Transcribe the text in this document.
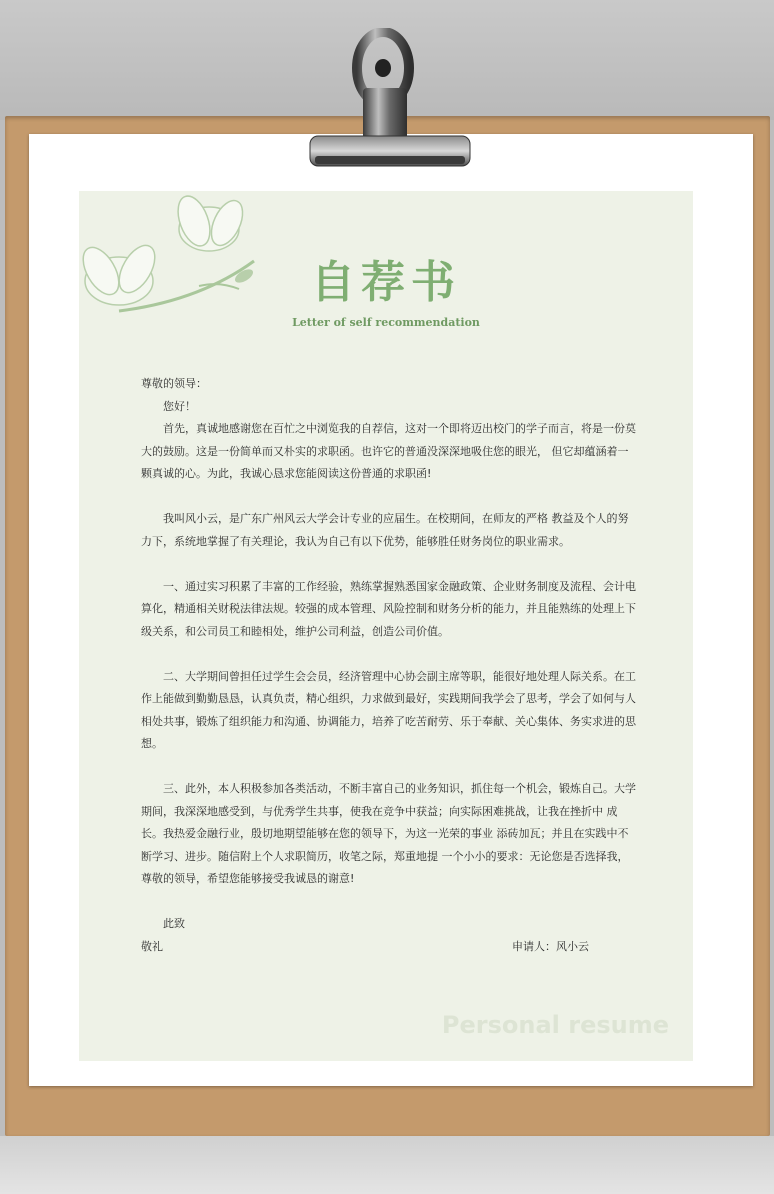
自荐书
Letter of self recommendation

尊敬的领导：

您好！

首先，真诚地感谢您在百忙之中浏览我的自荐信，这对一个即将迈出校门的学子而言，将是一份莫大的鼓励。这是一份简单而又朴实的求职函。也许它的普通没深深地吸住您的眼光， 但它却蕴涵着一颗真诚的心。为此，我诚心恳求您能阅读这份普通的求职函!

我叫风小云，是广东广州风云大学会计专业的应届生。在校期间，在师友的严格 教益及个人的努力下，系统地掌握了有关理论，我认为自己有以下优势，能够胜任财务岗位的职业需求。

一、通过实习积累了丰富的工作经验，熟练掌握熟悉国家金融政策、企业财务制度及流程、会计电算化，精通相关财税法律法规。较强的成本管理、风险控制和财务分析的能力，并且能熟练的处理上下级关系，和公司员工和睦相处，维护公司利益，创造公司价值。

二、大学期间曾担任过学生会会员，经济管理中心协会副主席等职，能很好地处理人际关系。在工作上能做到勤勤恳恳，认真负责，精心组织，力求做到最好，实践期间我学会了思考，学会了如何与人相处共事，锻炼了组织能力和沟通、协调能力，培养了吃苦耐劳、乐于奉献、关心集体、务实求进的思想。

三、此外，本人积极参加各类活动，不断丰富自己的业务知识，抓住每一个机会，锻炼自己。大学期间，我深深地感受到，与优秀学生共事，使我在竞争中获益；向实际困难挑战，让我在挫折中 成长。我热爱金融行业，殷切地期望能够在您的领导下，为这一光荣的事业 添砖加瓦；并且在实践中不断学习、进步。随信附上个人求职简历，收笔之际，郑重地提 一个小小的要求：无论您是否选择我，尊敬的领导，希望您能够接受我诚恳的谢意!

此致

敬礼	申请人：风小云
Personal resume
